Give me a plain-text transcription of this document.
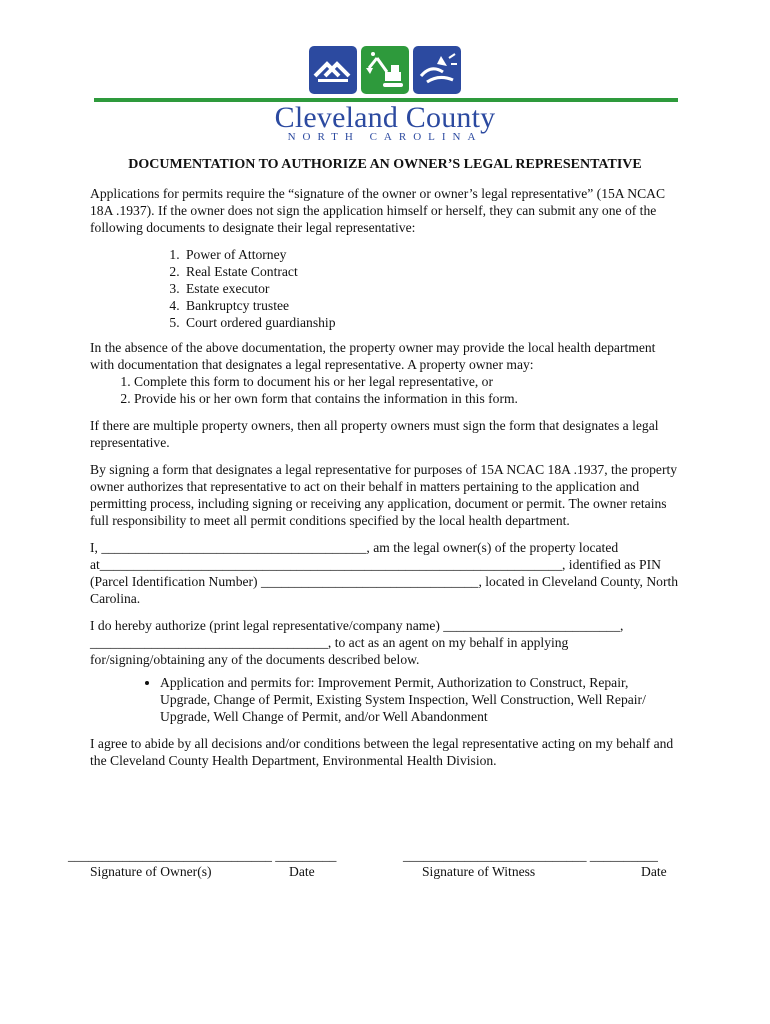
Cleveland County
NORTH CAROLINA
DOCUMENTATION TO AUTHORIZE AN OWNER’S LEGAL REPRESENTATIVE

Applications for permits require the “signature of the owner or owner’s legal representative” (15A NCAC 18A .1937). If the owner does not sign the application himself or herself, they can submit any one of the following documents to designate their legal representative:

1. Power of Attorney
2. Real Estate Contract
3. Estate executor
4. Bankruptcy trustee
5. Court ordered guardianship

In the absence of the above documentation, the property owner may provide the local health department with documentation that designates a legal representative. A property owner may:

1. Complete this form to document his or her legal representative, or
2. Provide his or her own form that contains the information in this form.

If there are multiple property owners, then all property owners must sign the form that designates a legal representative.

By signing a form that designates a legal representative for purposes of 15A NCAC 18A .1937, the property owner authorizes that representative to act on their behalf in matters pertaining to the application and permitting process, including signing or receiving any application, document or permit. The owner retains full responsibility to meet all permit conditions specified by the local health department.

I, _______________________________________, am the legal owner(s) of the property located at____________________________________________________________________, identified as PIN (Parcel Identification Number) ________________________________, located in Cleveland County, North Carolina.

I do hereby authorize (print legal representative/company name) __________________________, ___________________________________, to act as an agent on my behalf in applying for/signing/obtaining any of the documents described below.

• Application and permits for: Improvement Permit, Authorization to Construct, Repair, Upgrade, Change of Permit, Existing System Inspection, Well Construction, Well Repair/ Upgrade, Well Change of Permit, and/or Well Abandonment

I agree to abide by all decisions and/or conditions between the legal representative acting on my behalf and the Cleveland County Health Department, Environmental Health Division.

______________________________ _________	___________________________ __________
Signature of Owner(s)	Date	Signature of Witness	Date
